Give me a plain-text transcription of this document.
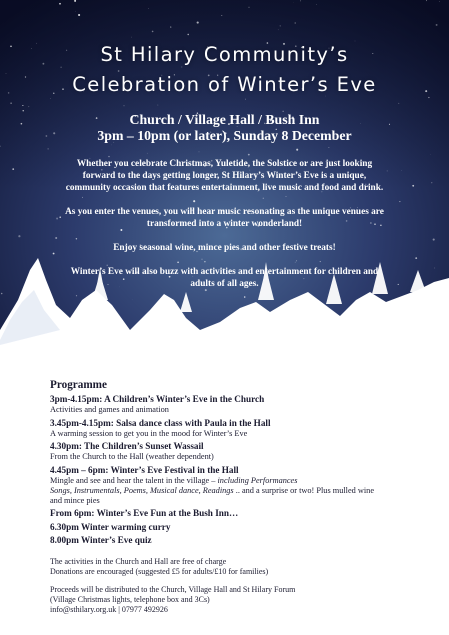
St Hilary Community’s
Celebration of Winter’s Eve

Church / Village Hall / Bush Inn

3pm – 10pm (or later), Sunday 8 December

Whether you celebrate Christmas, Yuletide, the Solstice or are just looking
forward to the days getting longer, St Hilary’s Winter’s Eve is a unique,
community occasion that features entertainment, live music and food and drink.

As you enter the venues, you will hear music resonating as the unique venues are
transformed into a winter wonderland!

Enjoy seasonal wine, mince pies and other festive treats!

Winter’s Eve will also buzz with activities and entertainment for children and
adults of all ages.

Programme

3pm-4.15pm: A Children’s Winter’s Eve in the Church
Activities and games and animation
3.45pm-4.15pm: Salsa dance class with Paula in the Hall
A warming session to get you in the mood for Winter’s Eve
4.30pm: The Children’s Sunset Wassail
From the Church to the Hall (weather dependent)
4.45pm – 6pm: Winter’s Eve Festival in the Hall
Mingle and see and hear the talent in the village – including Performances
Songs, Instrumentals, Poems, Musical dance, Readings .. and a surprise or two! Plus mulled wine
and mince pies
From 6pm: Winter’s Eve Fun at the Bush Inn…
6.30pm Winter warming curry
8.00pm Winter’s Eve quiz
The activities in the Church and Hall are free of charge
Donations are encouraged (suggested £5 for adults/£10 for families)
Proceeds will be distributed to the Church, Village Hall and St Hilary Forum
(Village Christmas lights, telephone box and 3Cs)
info@sthilary.org.uk | 07977 492926
